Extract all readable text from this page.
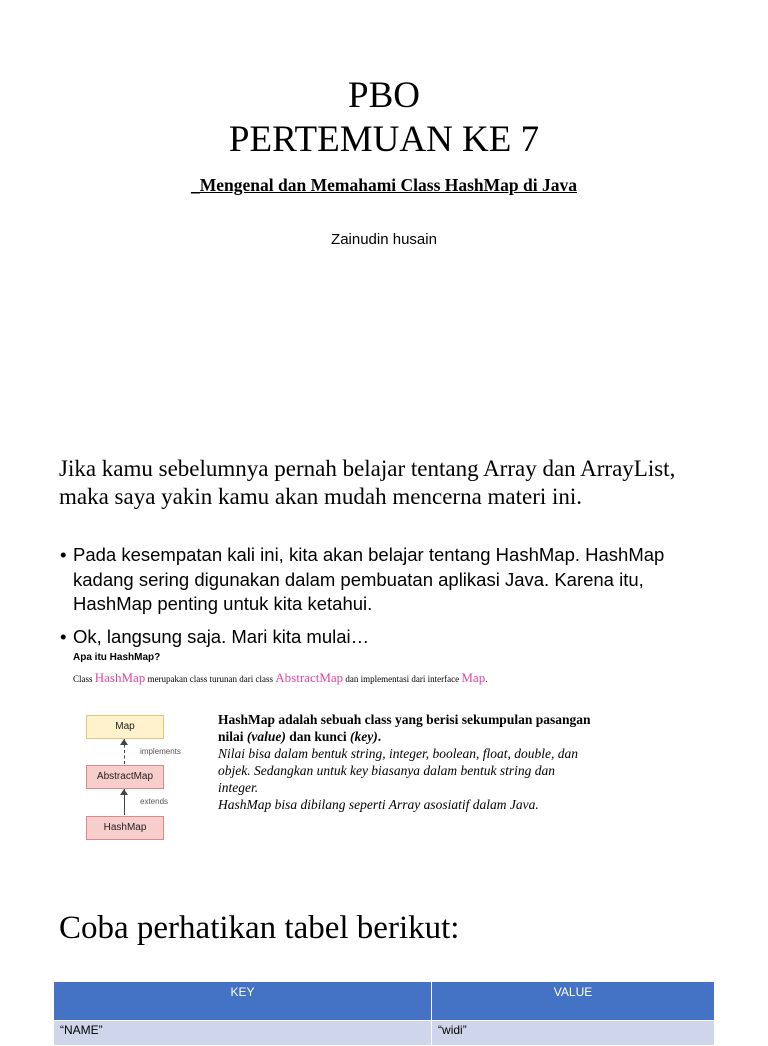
PBO
PERTEMUAN KE 7
_Mengenal dan Memahami Class HashMap di Java
Zainudin husain
Jika kamu sebelumnya pernah belajar tentang Array dan ArrayList, maka saya yakin kamu akan mudah mencerna materi ini.
• Pada kesempatan kali ini, kita akan belajar tentang HashMap. HashMap kadang sering digunakan dalam pembuatan aplikasi Java. Karena itu, HashMap penting untuk kita ketahui.
• Ok, langsung saja. Mari kita mulai…
Apa itu HashMap?
Class HashMap merupakan class turunan dari class AbstractMap dan implementasi dari interface Map.
Map
implements
AbstractMap
extends
HashMap
HashMap adalah sebuah class yang berisi sekumpulan pasangan nilai (value) dan kunci (key).
Nilai bisa dalam bentuk string, integer, boolean, float, double, dan objek. Sedangkan untuk key biasanya dalam bentuk string dan integer.
HashMap bisa dibilang seperti Array asosiatif dalam Java.
Coba perhatikan tabel berikut:
KEY	VALUE
“NAME”	“widi”
